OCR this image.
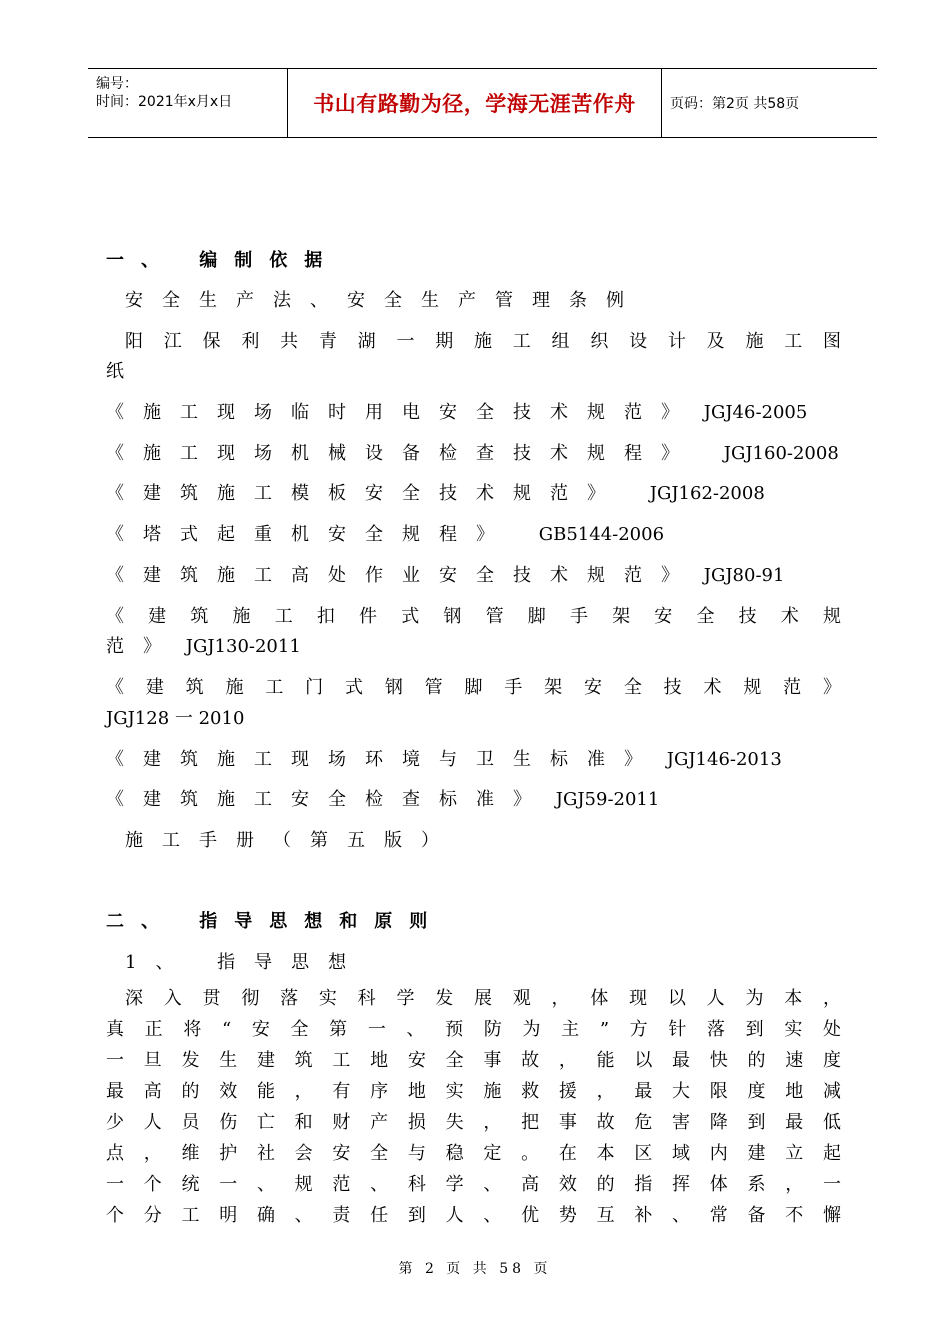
编号：
时间：2021年x月x日	书山有路勤为径，学海无涯苦作舟 页码：第2页 共58页
一、 编制依据
安全生产法、安全生产管理条例
阳江保利共青湖一期施工组织设计及施工图
纸
《施工现场临时用电安全技术规范》 JGJ46-2005
《施工现场机械设备检查技术规程》 JGJ160-2008
《建筑施工模板安全技术规范》 JGJ162-2008
《塔式起重机安全规程》 GB5144-2006
《建筑施工高处作业安全技术规范》 JGJ80-91
《建筑施工扣件式钢管脚手架安全技术规
范》 JGJ130-2011
《建筑施工门式钢管脚手架安全技术规范》
JGJ128 一 2010
《建筑施工现场环境与卫生标准》 JGJ146-2013
《建筑施工安全检查标准》 JGJ59-2011
施工手册（第五版）
二、 指导思想和原则
1、 指导思想
深入贯彻落实科学发展观，体现以人为本，
真正将“安全第一、预防为主”方针落到实处
一旦发生建筑工地安全事故，能以最快的速度
最高的效能，有序地实施救援，最大限度地减
少人员伤亡和财产损失，把事故危害降到最低
点，维护社会安全与稳定。在本区域内建立起
一个统一、规范、科学、高效的指挥体系，一
个分工明确、责任到人、优势互补、常备不懈
第 2 页 共 58 页
